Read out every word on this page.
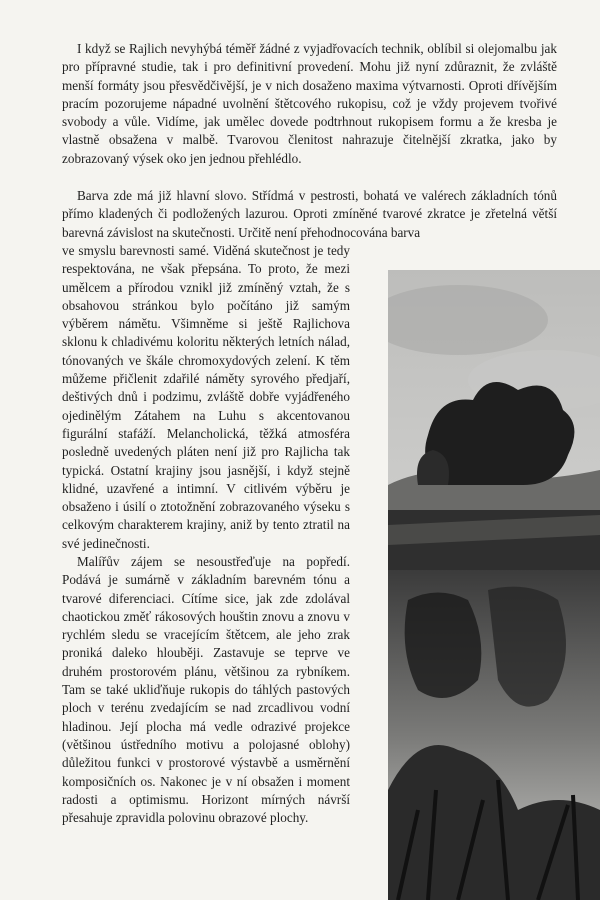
I když se Rajlich nevyhýbá téměř žádné z vyjadřovacích technik, oblíbil si olejomalbu jak pro přípravné studie, tak i pro definitivní provedení. Mohu již nyní zdůraznit, že zvláště menší formáty jsou přesvědčivější, je v nich dosaženo maxima výtvarnosti. Oproti dřívějším pracím pozorujeme nápadné uvolnění štětcového rukopisu, což je vždy projevem tvořivé svobody a vůle. Vidíme, jak umělec dovede podtrhnout rukopisem formu a že kresba je vlastně obsažena v malbě. Tvarovou členitost nahrazuje čitelnější zkratka, jako by zobrazovaný výsek oko jen jednou přehlédlo.

Barva zde má již hlavní slovo. Střídmá v pestrosti, bohatá ve valérech základních tónů přímo kladených či podložených lazurou. Oproti zmíněné tvarové zkratce je zřetelná větší barevná závislost na skutečnosti. Určitě není přehodnocována barva

ve smyslu barevnosti samé. Viděná skutečnost je tedy respektována, ne však přepsána. To proto, že mezi umělcem a přírodou vznikl již zmíněný vztah, že s obsahovou stránkou bylo počítáno již samým výběrem námětu. Všimněme si ještě Rajlichova sklonu k chladivému koloritu některých letních nálad, tónovaných ve škále chromoxydových zelení. K těm můžeme přičlenit zdařilé náměty syrového předjaří, deštivých dnů i podzimu, zvláště dobře vyjádřeného ojedinělým Zátahem na Luhu s akcentovanou figurální stafáží. Melancholická, těžká atmosféra posledně uvedených pláten není již pro Rajlicha tak typická. Ostatní krajiny jsou jasnější, i když stejně klidné, uzavřené a intimní. V citlivém výběru je obsaženo i úsilí o ztotožnění zobrazovaného výseku s celkovým charakterem krajiny, aniž by tento ztratil na své jedinečnosti.

Malířův zájem se nesoustřeďuje na popředí. Podává je sumárně v základním barevném tónu a tvarové diferenciaci. Cítíme sice, jak zde zdolával chaotickou změť rákosových houštin znovu a znovu v rychlém sledu se vracejícím štětcem, ale jeho zrak proniká daleko hlouběji. Zastavuje se teprve ve druhém prostorovém plánu, většinou za rybníkem. Tam se také ukliďňuje rukopis do táhlých pastových ploch v terénu zvedajícím se nad zrcadlivou vodní hladinou. Její plocha má vedle odrazivé projekce (většinou ústředního motivu a polojasné oblohy) důležitou funkci v prostorové výstavbě a usměrnění komposičních os. Nakonec je v ní obsažen i moment radosti a optimismu. Horizont mírných návrší přesahuje zpravidla polovinu obrazové plochy.
